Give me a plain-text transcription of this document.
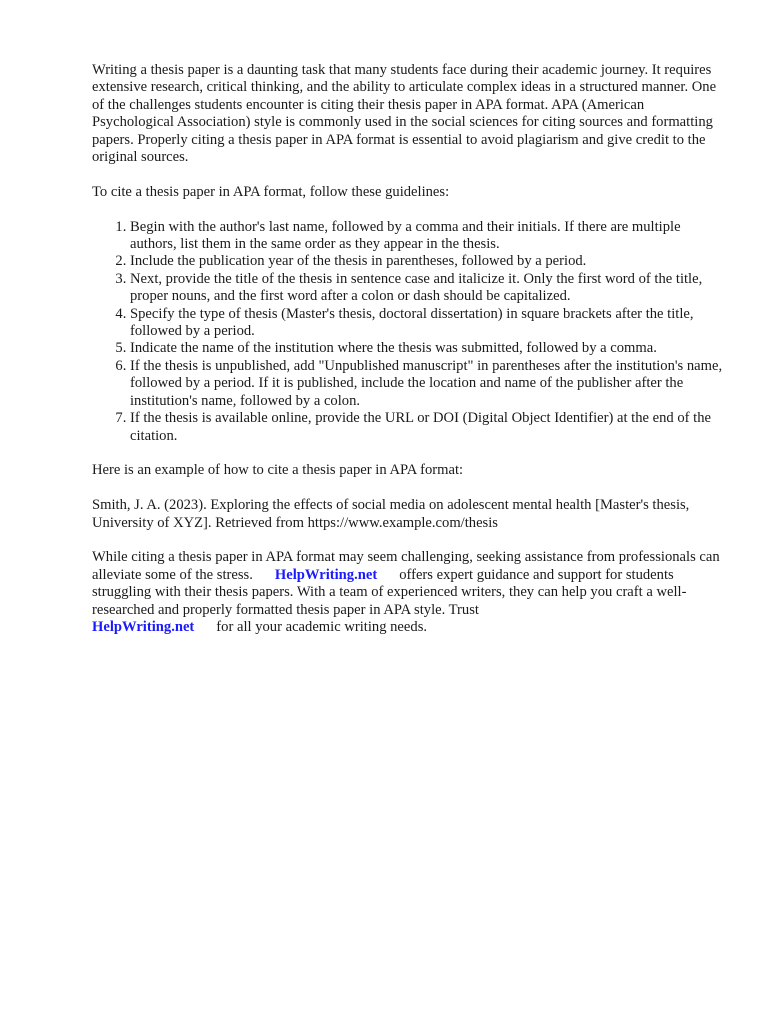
Writing a thesis paper is a daunting task that many students face during their academic journey. It requires extensive research, critical thinking, and the ability to articulate complex ideas in a structured manner. One of the challenges students encounter is citing their thesis paper in APA format. APA (American Psychological Association) style is commonly used in the social sciences for citing sources and formatting papers. Properly citing a thesis paper in APA format is essential to avoid plagiarism and give credit to the original sources.

To cite a thesis paper in APA format, follow these guidelines:

1. Begin with the author's last name, followed by a comma and their initials. If there are multiple authors, list them in the same order as they appear in the thesis.
2. Include the publication year of the thesis in parentheses, followed by a period.
3. Next, provide the title of the thesis in sentence case and italicize it. Only the first word of the title, proper nouns, and the first word after a colon or dash should be capitalized.
4. Specify the type of thesis (Master's thesis, doctoral dissertation) in square brackets after the title, followed by a period.
5. Indicate the name of the institution where the thesis was submitted, followed by a comma.
6. If the thesis is unpublished, add "Unpublished manuscript" in parentheses after the institution's name, followed by a period. If it is published, include the location and name of the publisher after the institution's name, followed by a colon.
7. If the thesis is available online, provide the URL or DOI (Digital Object Identifier) at the end of the citation.

Here is an example of how to cite a thesis paper in APA format:

Smith, J. A. (2023). Exploring the effects of social media on adolescent mental health [Master's thesis, University of XYZ]. Retrieved from https://www.example.com/thesis

While citing a thesis paper in APA format may seem challenging, seeking assistance from professionals can alleviate some of the stress. HelpWriting.net offers expert guidance and support for students struggling with their thesis papers. With a team of experienced writers, they can help you craft a well-researched and properly formatted thesis paper in APA style. Trust
HelpWriting.net for all your academic writing needs.
